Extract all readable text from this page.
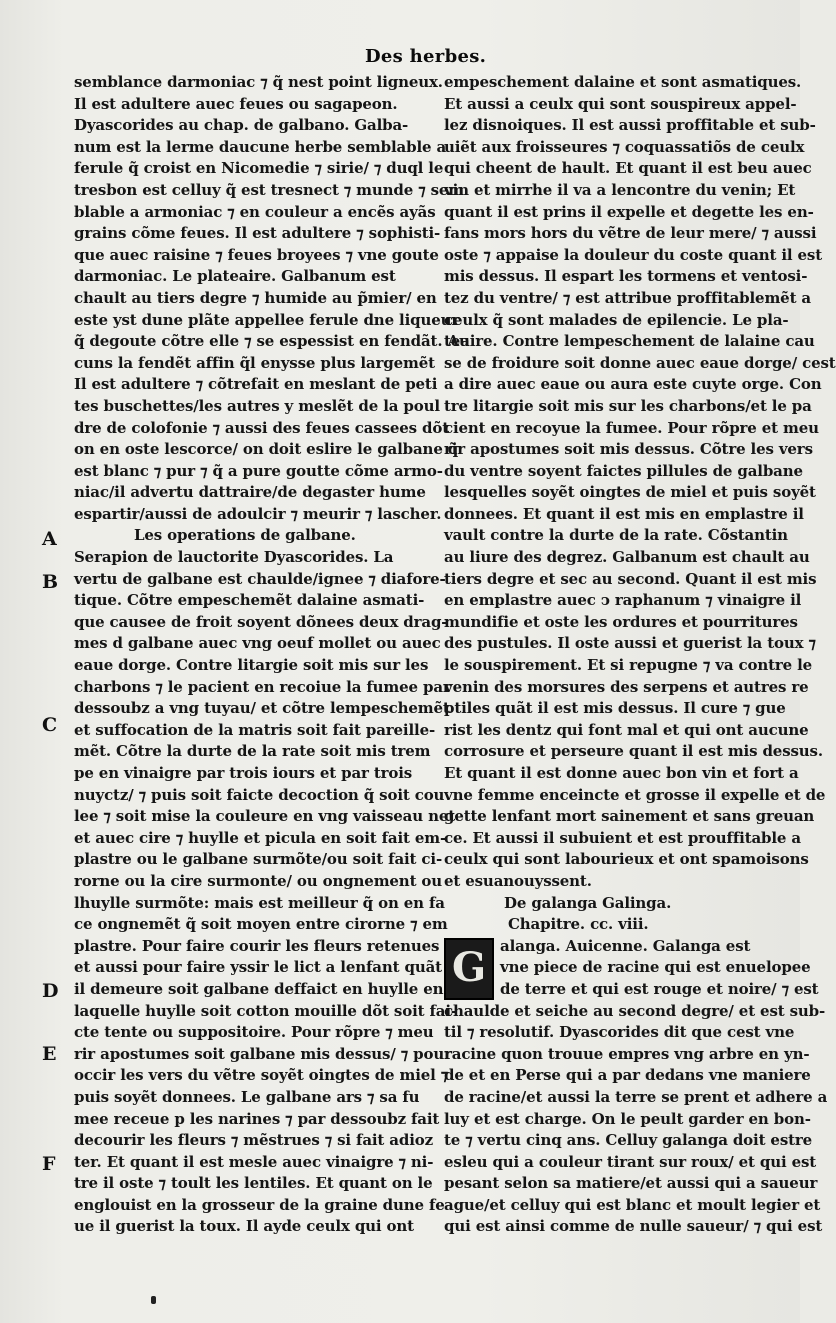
Des herbes.
semblance darmoniac ⁊ q̃ nest point ligneux.
Il est adultere auec feues ou sagapeon.
Dyascorides au chap. de galbano. Galba-
num est la lerme daucune herbe semblable a
ferule q̃ croist en Nicomedie ⁊ sirie/ ⁊ duql le
tresbon est celluy q̃ est tresnect ⁊ munde ⁊ sem
blable a armoniac ⁊ en couleur a encẽs ayãs
grains cõme feues. Il est adultere ⁊ sophisti-
que auec raisine ⁊ feues broyees ⁊ vne goute
darmoniac. Le plateaire. Galbanum est
chault au tiers degre ⁊ humide au p̃mier/ en
este yst dune plãte appellee ferule dne liqueur
q̃ degoute cõtre elle ⁊ se espessist en fendãt. Au
cuns la fendẽt affin q̃l enysse plus largemẽt
Il est adultere ⁊ cõtrefait en meslant de peti
tes buschettes/les autres y meslẽt de la poul
dre de colofonie ⁊ aussi des feues cassees dõt
on en oste lescorce/ on doit eslire le galbane q̃
est blanc ⁊ pur ⁊ q̃ a pure goutte cõme armo-
niac/il advertu dattraire/de degaster hume
espartir/aussi de adoulcir ⁊ meurir ⁊ lascher.
Les operations de galbane.
Serapion de lauctorite Dyascorides. La
vertu de galbane est chaulde/ignee ⁊ diafore-
tique. Cõtre empeschemẽt dalaine asmati-
que causee de froit soyent dõnees deux drag-
mes d galbane auec vng oeuf mollet ou auec
eaue dorge. Contre litargie soit mis sur les
charbons ⁊ le pacient en recoiue la fumee par
dessoubz a vng tuyau/ et cõtre lempeschemẽt
et suffocation de la matris soit fait pareille-
mẽt. Cõtre la durte de la rate soit mis trem
pe en vinaigre par trois iours et par trois
nuyctz/ ⁊ puis soit faicte decoction q̃ soit cou
lee ⁊ soit mise la couleure en vng vaisseau net
et auec cire ⁊ huylle et picula en soit fait em-
plastre ou le galbane surmõte/ou soit fait ci-
rorne ou la cire surmonte/ ou ongnement ou
lhuylle surmõte: mais est meilleur q̃ on en fa
ce ongnemẽt q̃ soit moyen entre cirorne ⁊ em
plastre. Pour faire courir les fleurs retenues
et aussi pour faire yssir le lict a lenfant quãt
il demeure soit galbane deffaict en huylle en
laquelle huylle soit cotton mouille dõt soit fai-
cte tente ou suppositoire. Pour rõpre ⁊ meu
rir apostumes soit galbane mis dessus/ ⁊ pour
occir les vers du vẽtre soyẽt oingtes de miel ⁊
puis soyẽt donnees. Le galbane ars ⁊ sa fu
mee receue p les narines ⁊ par dessoubz fait
decourir les fleurs ⁊ mẽstrues ⁊ si fait adioz
ter. Et quant il est mesle auec vinaigre ⁊ ni-
tre il oste ⁊ toult les lentiles. Et quant on le
englouist en la grosseur de la graine dune fe
ue il guerist la toux. Il ayde ceulx qui ont
empeschement dalaine et sont asmatiques.
Et aussi a ceulx qui sont souspireux appel-
lez disnoiques. Il est aussi proffitable et sub-
uiẽt aux froisseures ⁊ coquassatiõs de ceulx
qui cheent de hault. Et quant il est beu auec
vin et mirrhe il va a lencontre du venin; Et
quant il est prins il expelle et degette les en-
fans mors hors du vẽtre de leur mere/ ⁊ aussi
oste ⁊ appaise la douleur du coste quant il est
mis dessus. Il espart les tormens et ventosi-
tez du ventre/ ⁊ est attribue proffitablemẽt a
ceulx q̃ sont malades de epilencie. Le pla-
teaire. Contre lempeschement de lalaine cau
se de froidure soit donne auec eaue dorge/ cest
a dire auec eaue ou aura este cuyte orge. Con
tre litargie soit mis sur les charbons/et le pa
cient en recoyue la fumee. Pour rõpre et meu
rir apostumes soit mis dessus. Cõtre les vers
du ventre soyent faictes pillules de galbane
lesquelles soyẽt oingtes de miel et puis soyẽt
donnees. Et quant il est mis en emplastre il
vault contre la durte de la rate. Cõstantin
au liure des degrez. Galbanum est chault au
tiers degre et sec au second. Quant il est mis
en emplastre auec ↄ raphanum ⁊ vinaigre il
mundifie et oste les ordures et pourritures
des pustules. Il oste aussi et guerist la toux ⁊
le souspirement. Et si repugne ⁊ va contre le
venin des morsures des serpens et autres re
ptiles quãt il est mis dessus. Il cure ⁊ gue
rist les dentz qui font mal et qui ont aucune
corrosure et perseure quant il est mis dessus.
Et quant il est donne auec bon vin et fort a
vne femme enceincte et grosse il expelle et de
gette lenfant mort sainement et sans greuan
ce. Et aussi il subuient et est prouffitable a
ceulx qui sont labourieux et ont spamoisons
et esuanouyssent.
De galanga Galinga.
Chapitre. cc. viii.
G alanga. Auicenne. Galanga est
vne piece de racine qui est enuelopee
de terre et qui est rouge et noire/ ⁊ est
chaulde et seiche au second degre/ et est sub-
til ⁊ resolutif. Dyascorides dit que cest vne
racine quon trouue empres vng arbre en yn-
de et en Perse qui a par dedans vne maniere
de racine/et aussi la terre se prent et adhere a
luy et est charge. On le peult garder en bon-
te ⁊ vertu cinq ans. Celluy galanga doit estre
esleu qui a couleur tirant sur roux/ et qui est
pesant selon sa matiere/et aussi qui a saueur
ague/et celluy qui est blanc et moult legier et
qui est ainsi comme de nulle saueur/ ⁊ qui est
A
B
C
D
E
F
